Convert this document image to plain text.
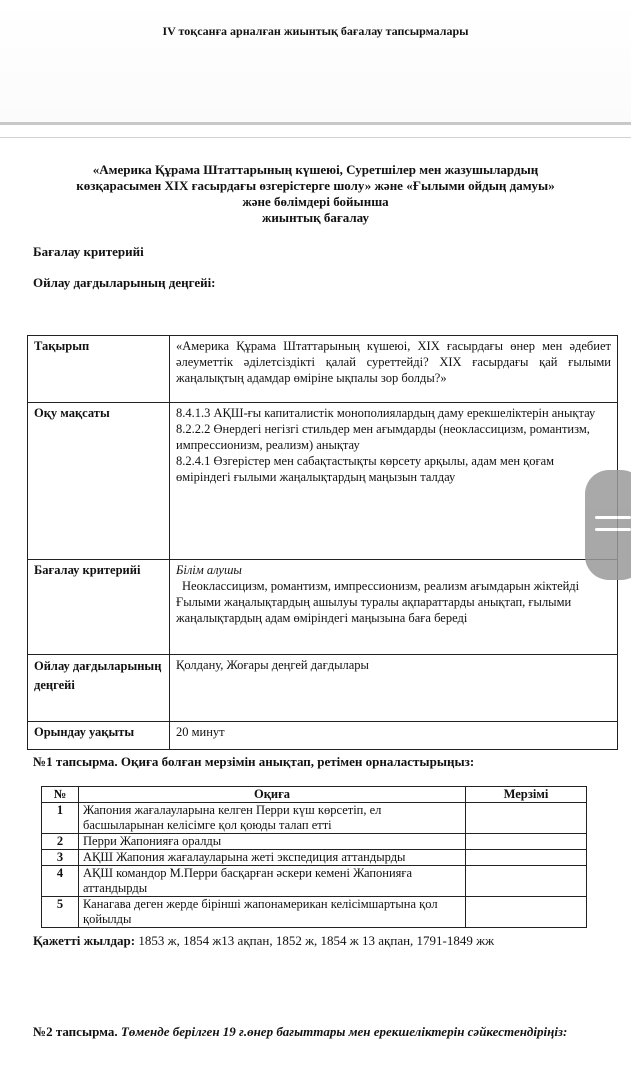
IV тоқсанға арналған жиынтық бағалау тапсырмалары
«Америка Құрама Штаттарының күшеюі, Суретшілер мен жазушылардың
көзқарасымен XIX ғасырдағы өзгерістерге шолу» және «Ғылыми ойдың дамуы»
және бөлімдері бойынша
жиынтық бағалау
Бағалау критерийі
Ойлау дағдыларының деңгейі:
Тақырып	«Америка Құрама Штаттарының күшеюі, XIX ғасырдағы өнер мен әдебиет әлеуметтік әділетсіздікті қалай суреттейді? XIX ғасырдағы қай ғылыми жаңалықтың адамдар өміріне ықпалы зор болды?»
Оқу мақсаты	8.4.1.3 АҚШ-ғы капиталистік монополиялардың даму ерекшеліктерін анықтау
8.2.2.2 Өнердегі негізгі стильдер мен ағымдарды (неоклассицизм, романтизм, импрессионизм, реализм) анықтау
8.2.4.1 Өзгерістер мен сабақтастықты көрсету арқылы, адам мен қоғам өміріндегі ғылыми жаңалықтардың маңызын талдау

Бағалау критерийі	Білім алушы
Неоклассицизм, романтизм, импрессионизм, реализм ағымдарын жіктейді
Ғылыми жаңалықтардың ашылуы туралы ақпараттарды анықтап, ғылыми жаңалықтардың адам өміріндегі маңызына баға береді

Ойлау дағдыларының деңгейі	Қолдану, Жоғары деңгей дағдылары
Орындау уақыты	20 минут
№1 тапсырма. Оқиға болған мерзімін анықтап, ретімен орналастырыңыз:
№	Оқиға	Мерзімі
1	Жапония жағалауларына келген Перри күш көрсетіп, ел басшыларынан келісімге қол қоюды талап етті	
2	Перри Жапонияға оралды	
3	АҚШ Жапония жағалауларына жеті экспедиция аттандырды	
4	АҚШ командор М.Перри басқарған әскери кемені Жапонияға аттандырды	
5	Канагава деген жерде бірінші жапонамерикан келісімшартына қол қойылды	
Қажетті жылдар: 1853 ж, 1854 ж13 ақпан, 1852 ж, 1854 ж 13 ақпан, 1791-1849 жж
№2 тапсырма. Төменде берілген 19 ғ.өнер бағыттары мен ерекшеліктерін сәйкестендіріңіз:
